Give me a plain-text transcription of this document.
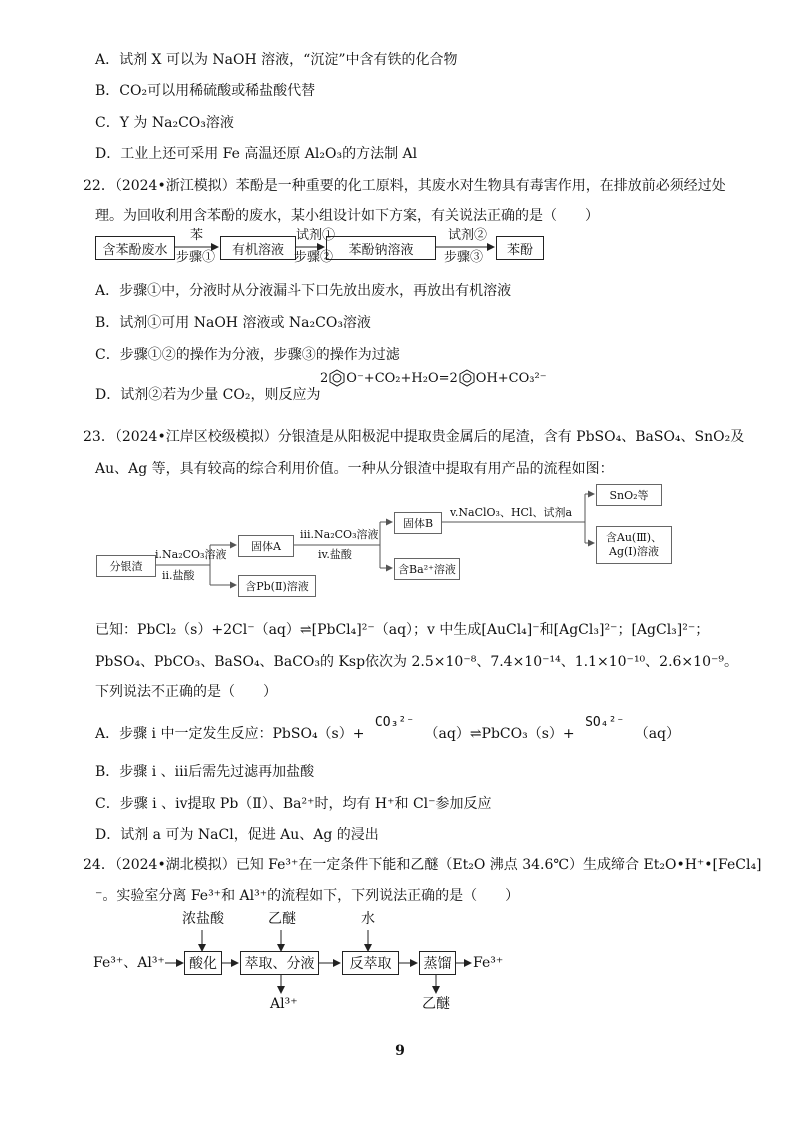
A．试剂 X 可以为 NaOH 溶液，“沉淀”中含有铁的化合物
B．CO₂可以用稀硫酸或稀盐酸代替
C．Y 为 Na₂CO₃溶液
D．工业上还可采用 Fe 高温还原 Al₂O₃的方法制 Al
22．（2024•浙江模拟）苯酚是一种重要的化工原料，其废水对生物具有毒害作用，在排放前必须经过处
理。为回收利用含苯酚的废水，某小组设计如下方案，有关说法正确的是（　　）
含苯酚废水	有机溶液	苯酚钠溶液	苯酚
苯
步骤①
试剂①
步骤②
试剂②
步骤③
A．步骤①中，分液时从分液漏斗下口先放出废水，再放出有机溶液
B．试剂①可用 NaOH 溶液或 Na₂CO₃溶液
C．步骤①②的操作为分液，步骤③的操作为过滤
D．试剂②若为少量 CO₂，则反应为
2 O⁻+CO₂+H₂O=2 OH+CO₃²⁻
23．（2024•江岸区校级模拟）分银渣是从阳极泥中提取贵金属后的尾渣，含有 PbSO₄、BaSO₄、SnO₂及
Au、Ag 等，具有较高的综合利用价值。一种从分银渣中提取有用产品的流程如图：
分银渣
固体A
含Pb(Ⅱ)溶液
固体B
含Ba²⁺溶液
SnO₂等
含Au(Ⅲ)、
Ag(Ⅰ)溶液
i.Na₂CO₃溶液
ii.盐酸
iii.Na₂CO₃溶液
iv.盐酸
v.NaClO₃、HCl、试剂a
已知：PbCl₂（s）+2Cl⁻（aq）⇌[PbCl₄]²⁻（aq）；v 中生成[AuCl₄]⁻和[AgCl₃]²⁻；[AgCl₃]²⁻；
PbSO₄、PbCO₃、BaSO₄、BaCO₃的 Ksp依次为 2.5×10⁻⁸、7.4×10⁻¹⁴、1.1×10⁻¹⁰、2.6×10⁻⁹。
下列说法不正确的是（　　）
A．步骤 i 中一定发生反应：PbSO₄（s）+ CO₃²⁻ （aq）⇌PbCO₃（s）+ SO₄²⁻ （aq）
B．步骤 i 、iii后需先过滤再加盐酸
C．步骤 i 、iv提取 Pb（Ⅱ）、Ba²⁺时，均有 H⁺和 Cl⁻参加反应
D．试剂 a 可为 NaCl，促进 Au、Ag 的浸出
24．（2024•湖北模拟）已知 Fe³⁺在一定条件下能和乙醚（Et₂O 沸点 34.6℃）生成缔合 Et₂O•H⁺•[FeCl₄]
⁻。实验室分离 Fe³⁺和 Al³⁺的流程如下，下列说法正确的是（　　）
Fe³⁺、Al³⁺	酸化	萃取、分液	反萃取	蒸馏	Fe³⁺
浓盐酸	乙醚	水
Al³⁺	乙醚
9
